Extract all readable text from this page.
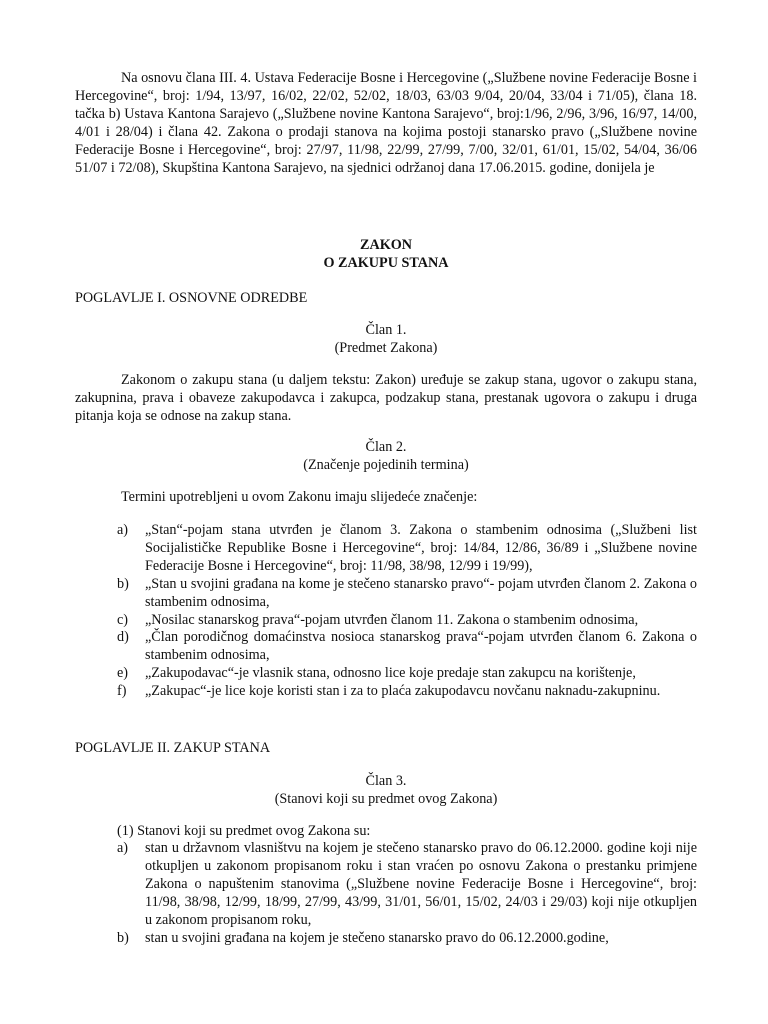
Na osnovu člana III. 4. Ustava Federacije Bosne i Hercegovine („Službene novine Federacije Bosne i Hercegovine“, broj: 1/94, 13/97, 16/02, 22/02, 52/02, 18/03, 63/03 9/04, 20/04, 33/04 i 71/05), člana 18. tačka b) Ustava Kantona Sarajevo („Službene novine Kantona Sarajevo“, broj:1/96, 2/96, 3/96, 16/97, 14/00, 4/01 i 28/04) i člana 42. Zakona o prodaji stanova na kojima postoji stanarsko pravo („Službene novine Federacije Bosne i Hercegovine“, broj: 27/97, 11/98, 22/99, 27/99, 7/00, 32/01, 61/01, 15/02, 54/04, 36/06 51/07 i 72/08), Skupština Kantona Sarajevo, na sjednici održanoj dana 17.06.2015. godine, donijela je
ZAKON
O ZAKUPU STANA
POGLAVLJE I. OSNOVNE ODREDBE
Član 1.
(Predmet Zakona)
Zakonom o zakupu stana (u daljem tekstu: Zakon) uređuje se zakup stana, ugovor o zakupu stana, zakupnina, prava i obaveze zakupodavca i zakupca, podzakup stana, prestanak ugovora o zakupu i druga pitanja koja se odnose na zakup stana.
Član 2.
(Značenje pojedinih termina)
Termini upotrebljeni u ovom Zakonu imaju slijedeće značenje:
a) „Stan“-pojam stana utvrđen je članom 3. Zakona o stambenim odnosima („Službeni list Socijalističke Republike Bosne i Hercegovine“, broj: 14/84, 12/86, 36/89 i „Službene novine Federacije Bosne i Hercegovine“, broj: 11/98, 38/98, 12/99 i 19/99),
b) „Stan u svojini građana na kome je stečeno stanarsko pravo“- pojam utvrđen članom 2. Zakona o stambenim odnosima,
c) „Nosilac stanarskog prava“-pojam utvrđen članom 11. Zakona o stambenim odnosima,
d) „Član porodičnog domaćinstva nosioca stanarskog prava“-pojam utvrđen članom 6. Zakona o stambenim odnosima,
e) „Zakupodavac“-je vlasnik stana, odnosno lice koje predaje stan zakupcu na korištenje,
f) „Zakupac“-je lice koje koristi stan i za to plaća zakupodavcu novčanu naknadu-zakupninu.
POGLAVLJE II. ZAKUP STANA
Član 3.
(Stanovi koji su predmet ovog Zakona)
(1) Stanovi koji su predmet ovog Zakona su:
a) stan u državnom vlasništvu na kojem je stečeno stanarsko pravo do 06.12.2000. godine koji nije otkupljen u zakonom propisanom roku i stan vraćen po osnovu Zakona o prestanku primjene Zakona o napuštenim stanovima („Službene novine Federacije Bosne i Hercegovine“, broj: 11/98, 38/98, 12/99, 18/99, 27/99, 43/99, 31/01, 56/01, 15/02, 24/03 i 29/03) koji nije otkupljen u zakonom propisanom roku,
b) stan u svojini građana na kojem je stečeno stanarsko pravo do 06.12.2000.godine,
